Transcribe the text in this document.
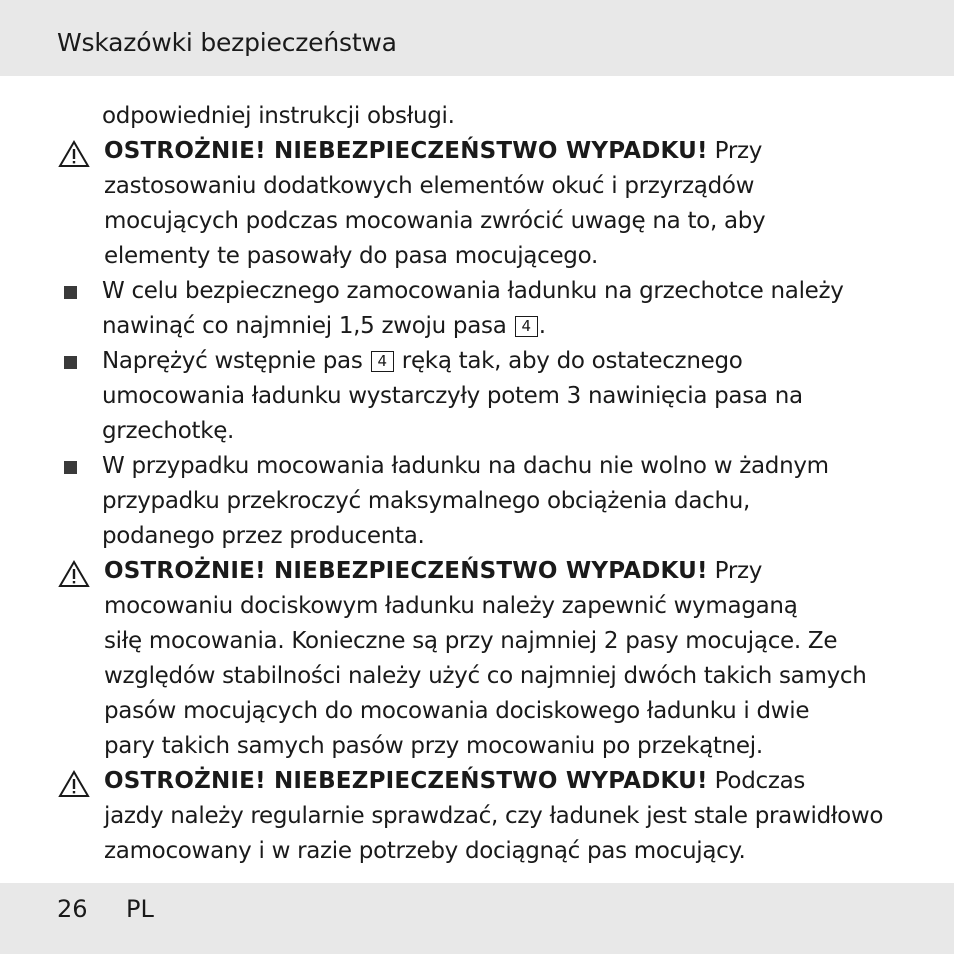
Wskazówki bezpieczeństwa
odpowiedniej instrukcji obsługi.
OSTROŻNIE! NIEBEZPIECZEŃSTWO WYPADKU! Przy
zastosowaniu dodatkowych elementów okuć i przyrządów
mocujących podczas mocowania zwrócić uwagę na to, aby
elementy te pasowały do pasa mocującego.
W celu bezpiecznego zamocowania ładunku na grzechotce należy
nawinąć co najmniej 1,5 zwoju pasa 4 .
Naprężyć wstępnie pas 4 ręką tak, aby do ostatecznego
umocowania ładunku wystarczyły potem 3 nawinięcia pasa na
grzechotkę.
W przypadku mocowania ładunku na dachu nie wolno w żadnym
przypadku przekroczyć maksymalnego obciążenia dachu,
podanego przez producenta.
OSTROŻNIE! NIEBEZPIECZEŃSTWO WYPADKU! Przy
mocowaniu dociskowym ładunku należy zapewnić wymaganą
siłę mocowania. Konieczne są przy najmniej 2 pasy mocujące. Ze
względów stabilności należy użyć co najmniej dwóch takich samych
pasów mocujących do mocowania dociskowego ładunku i dwie
pary takich samych pasów przy mocowaniu po przekątnej.
OSTROŻNIE! NIEBEZPIECZEŃSTWO WYPADKU! Podczas
jazdy należy regularnie sprawdzać, czy ładunek jest stale prawidłowo
zamocowany i w razie potrzeby dociągnąć pas mocujący.
26 PL
